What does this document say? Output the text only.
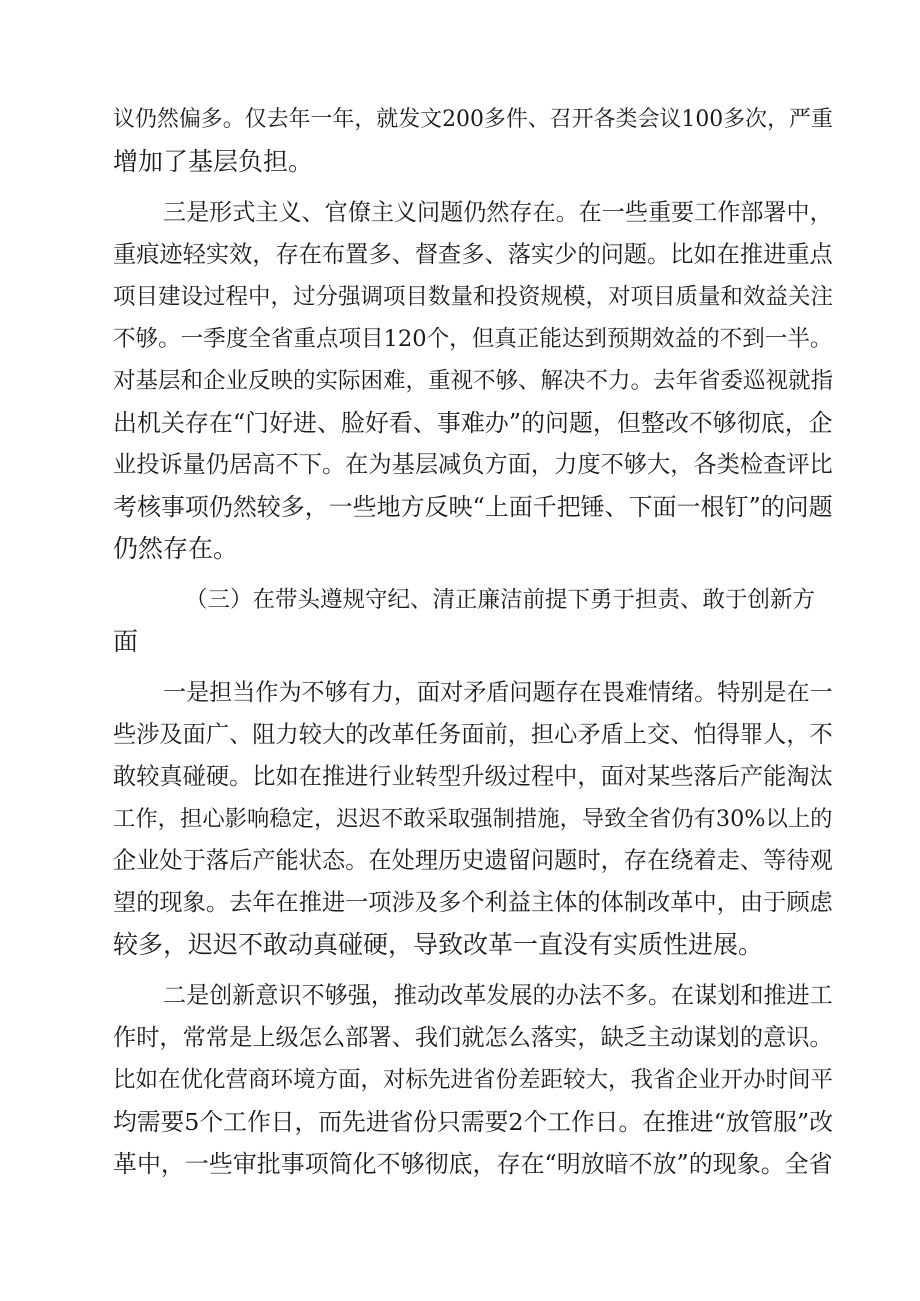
议仍然偏多。仅去年一年，就发文200多件、召开各类会议100多次，严重
增加了基层负担。
三是形式主义、官僚主义问题仍然存在。在一些重要工作部署中，
重痕迹轻实效，存在布置多、督查多、落实少的问题。比如在推进重点
项目建设过程中，过分强调项目数量和投资规模，对项目质量和效益关注
不够。一季度全省重点项目120个，但真正能达到预期效益的不到一半。
对基层和企业反映的实际困难，重视不够、解决不力。去年省委巡视就指
出机关存在“门好进、脸好看、事难办”的问题，但整改不够彻底，企
业投诉量仍居高不下。在为基层减负方面，力度不够大，各类检查评比
考核事项仍然较多，一些地方反映“上面千把锤、下面一根钉”的问题
仍然存在。
（三）在带头遵规守纪、清正廉洁前提下勇于担责、敢于创新方
面
一是担当作为不够有力，面对矛盾问题存在畏难情绪。特别是在一
些涉及面广、阻力较大的改革任务面前，担心矛盾上交、怕得罪人，不
敢较真碰硬。比如在推进行业转型升级过程中，面对某些落后产能淘汰
工作，担心影响稳定，迟迟不敢采取强制措施，导致全省仍有30%以上的
企业处于落后产能状态。在处理历史遗留问题时，存在绕着走、等待观
望的现象。去年在推进一项涉及多个利益主体的体制改革中，由于顾虑
较多，迟迟不敢动真碰硬，导致改革一直没有实质性进展。
二是创新意识不够强，推动改革发展的办法不多。在谋划和推进工
作时，常常是上级怎么部署、我们就怎么落实，缺乏主动谋划的意识。
比如在优化营商环境方面，对标先进省份差距较大，我省企业开办时间平
均需要5个工作日，而先进省份只需要2个工作日。在推进“放管服”改
革中，一些审批事项简化不够彻底，存在“明放暗不放”的现象。全省
